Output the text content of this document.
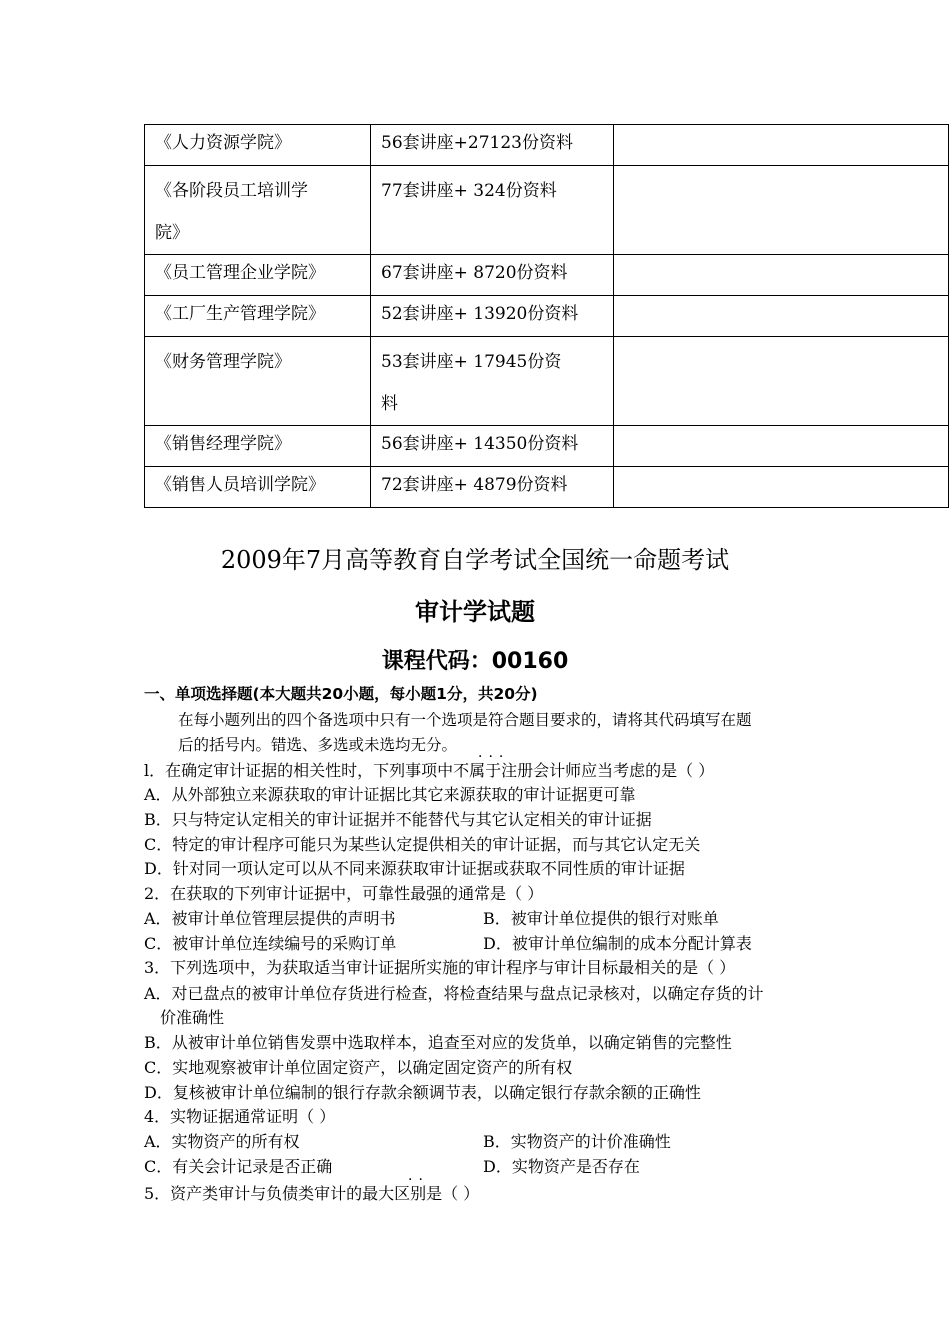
《人力资源学院》	56套讲座+27123份资料	
《各阶段员工培训学
院》	77套讲座+ 324份资料	
《员工管理企业学院》	67套讲座+ 8720份资料	
《工厂生产管理学院》	52套讲座+ 13920份资料	
《财务管理学院》	53套讲座+ 17945份资
料	
《销售经理学院》	56套讲座+ 14350份资料	
《销售人员培训学院》	72套讲座+ 4879份资料	
2009年7月高等教育自学考试全国统一命题考试
审计学试题
课程代码：00160
一、单项选择题(本大题共20小题，每小题1分，共20分)
在每小题列出的四个备选项中只有一个选项是符合题目要求的，请将其代码填写在题
后的括号内。错选、多选或未选均无分。
···
l．在确定审计证据的相关性时，下列事项中不属于注册会计师应当考虑的是（ ）
A．从外部独立来源获取的审计证据比其它来源获取的审计证据更可靠
B．只与特定认定相关的审计证据并不能替代与其它认定相关的审计证据
C．特定的审计程序可能只为某些认定提供相关的审计证据，而与其它认定无关
D．针对同一项认定可以从不同来源获取审计证据或获取不同性质的审计证据
2．在获取的下列审计证据中，可靠性最强的通常是（ ）
A．被审计单位管理层提供的声明书	B．被审计单位提供的银行对账单
C．被审计单位连续编号的采购订单	D．被审计单位编制的成本分配计算表
3．下列选项中，为获取适当审计证据所实施的审计程序与审计目标最相关的是（ ）
A．对已盘点的被审计单位存货进行检查，将检查结果与盘点记录核对，以确定存货的计
价准确性
B．从被审计单位销售发票中选取样本，追查至对应的发货单，以确定销售的完整性
C．实地观察被审计单位固定资产，以确定固定资产的所有权
D．复核被审计单位编制的银行存款余额调节表，以确定银行存款余额的正确性
4．实物证据通常证明（ ）
A．实物资产的所有权	B．实物资产的计价准确性
C．有关会计记录是否正确	D．实物资产是否存在
··
5．资产类审计与负债类审计的最大区别是（ ）
